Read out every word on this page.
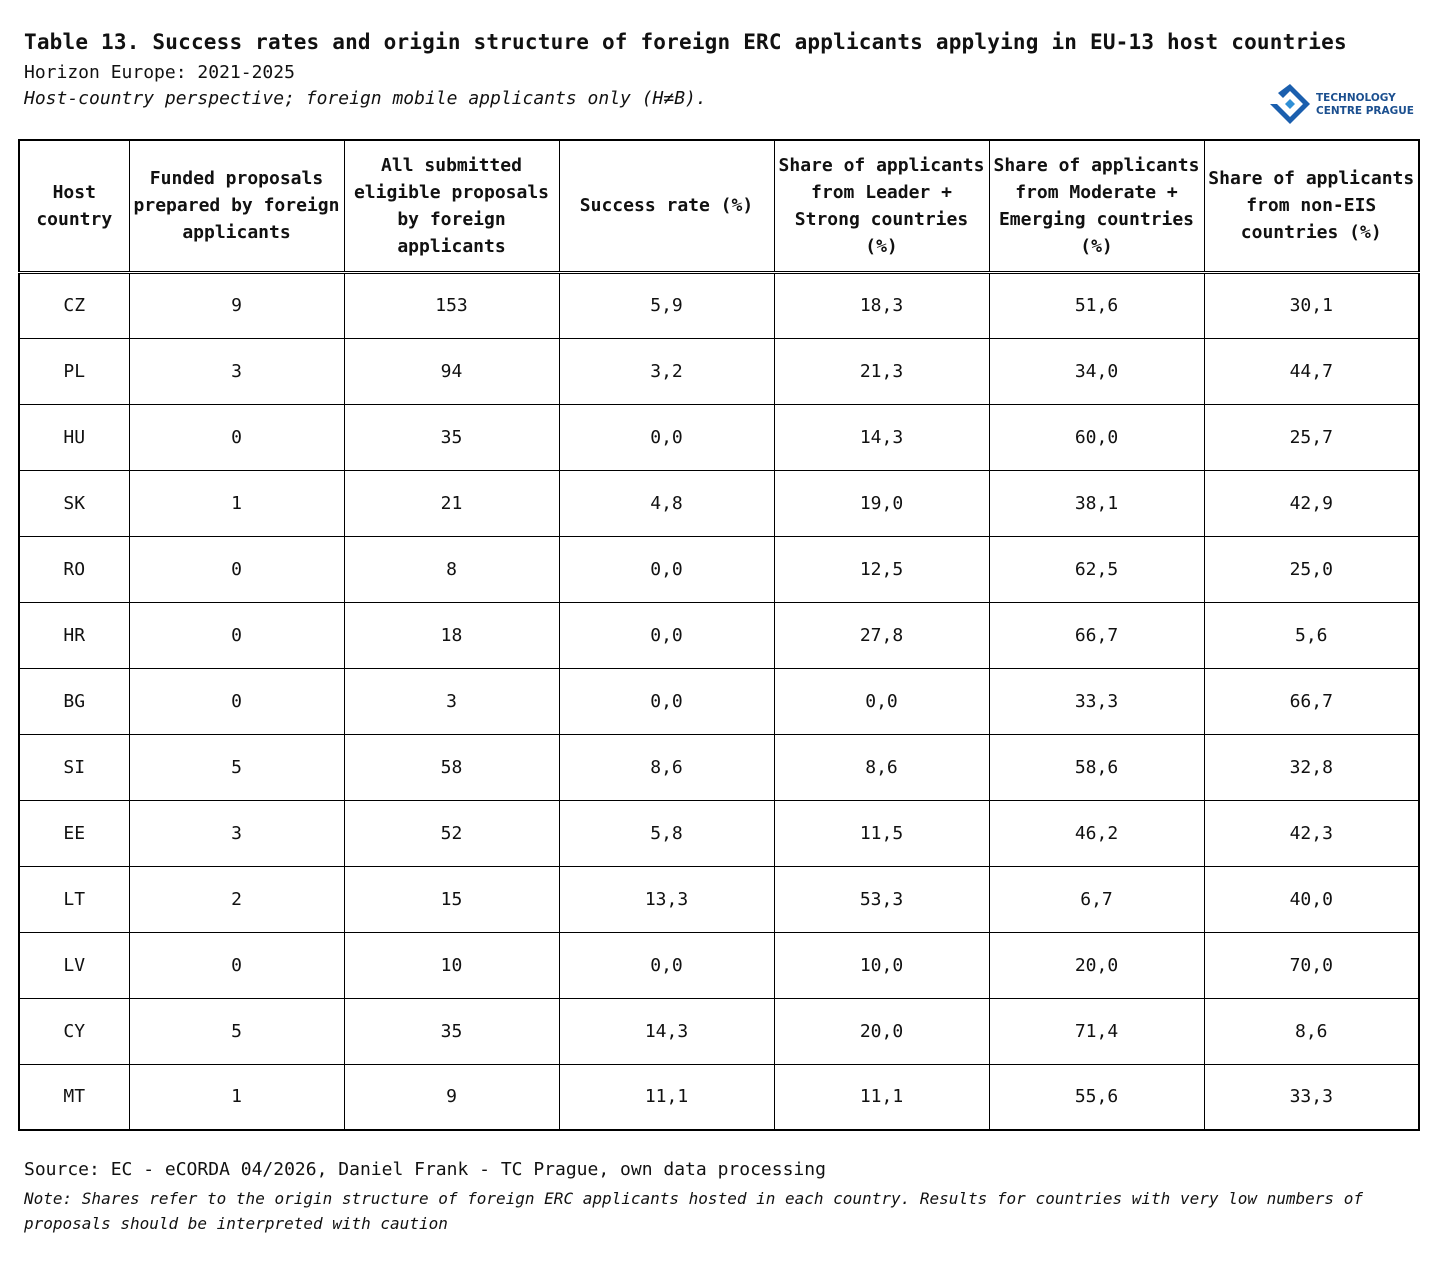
Table 13. Success rates and origin structure of foreign ERC applicants applying in EU-13 host countries
Horizon Europe: 2021-2025
Host-country perspective; foreign mobile applicants only (H≠B).	TECHNOLOGY
CENTRE PRAGUE
Host country	Funded proposals prepared by foreign applicants	All submitted eligible proposals by foreign applicants	Success rate (%)	Share of applicants from Leader + Strong countries (%)	Share of applicants from Moderate + Emerging countries (%)	Share of applicants from non-EIS countries (%)
CZ	9	153	5,9	18,3	51,6	30,1
PL	3	94	3,2	21,3	34,0	44,7
HU	0	35	0,0	14,3	60,0	25,7
SK	1	21	4,8	19,0	38,1	42,9
RO	0	8	0,0	12,5	62,5	25,0
HR	0	18	0,0	27,8	66,7	5,6
BG	0	3	0,0	0,0	33,3	66,7
SI	5	58	8,6	8,6	58,6	32,8
EE	3	52	5,8	11,5	46,2	42,3
LT	2	15	13,3	53,3	6,7	40,0
LV	0	10	0,0	10,0	20,0	70,0
CY	5	35	14,3	20,0	71,4	8,6
MT	1	9	11,1	11,1	55,6	33,3
Source: EC - eCORDA 04/2026, Daniel Frank - TC Prague, own data processing
Note: Shares refer to the origin structure of foreign ERC applicants hosted in each country. Results for countries with very low numbers of proposals should be interpreted with caution
